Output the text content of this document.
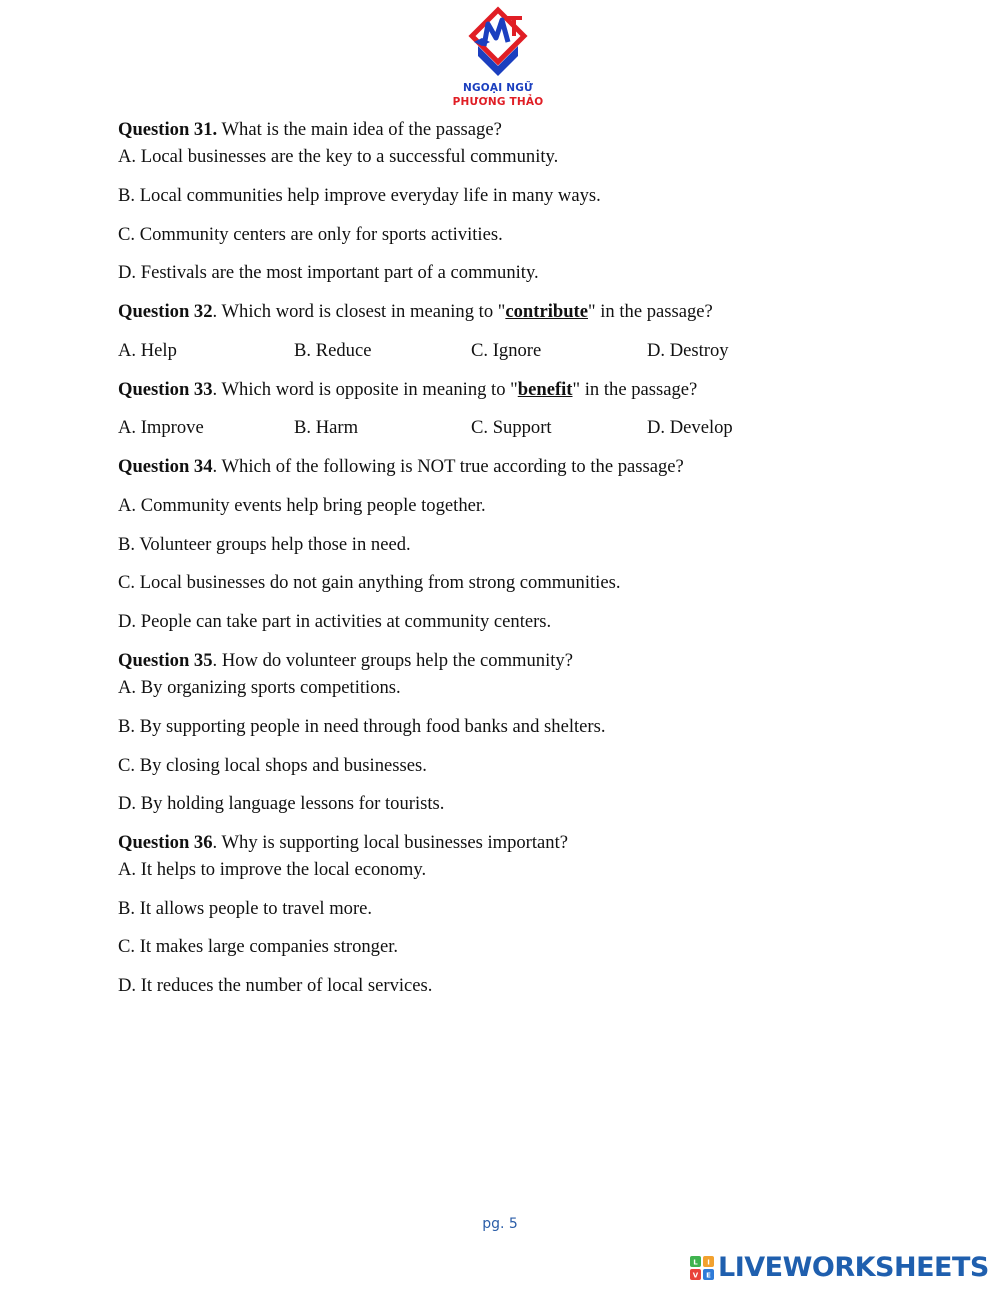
NGOẠI NGỮ
PHƯƠNG THẢO
Question 31. What is the main idea of the passage?
A. Local businesses are the key to a successful community.
B. Local communities help improve everyday life in many ways.
C. Community centers are only for sports activities.
D. Festivals are the most important part of a community.
Question 32. Which word is closest in meaning to "contribute" in the passage?
A. Help	B. Reduce	C. Ignore	D. Destroy
Question 33. Which word is opposite in meaning to "benefit" in the passage?
A. Improve	B. Harm	C. Support	D. Develop
Question 34. Which of the following is NOT true according to the passage?
A. Community events help bring people together.
B. Volunteer groups help those in need.
C. Local businesses do not gain anything from strong communities.
D. People can take part in activities at community centers.
Question 35. How do volunteer groups help the community?
A. By organizing sports competitions.
B. By supporting people in need through food banks and shelters.
C. By closing local shops and businesses.
D. By holding language lessons for tourists.
Question 36. Why is supporting local businesses important?
A. It helps to improve the local economy.
B. It allows people to travel more.
C. It makes large companies stronger.
D. It reduces the number of local services.
pg. 5
L I
V E LIVEWORKSHEETS
